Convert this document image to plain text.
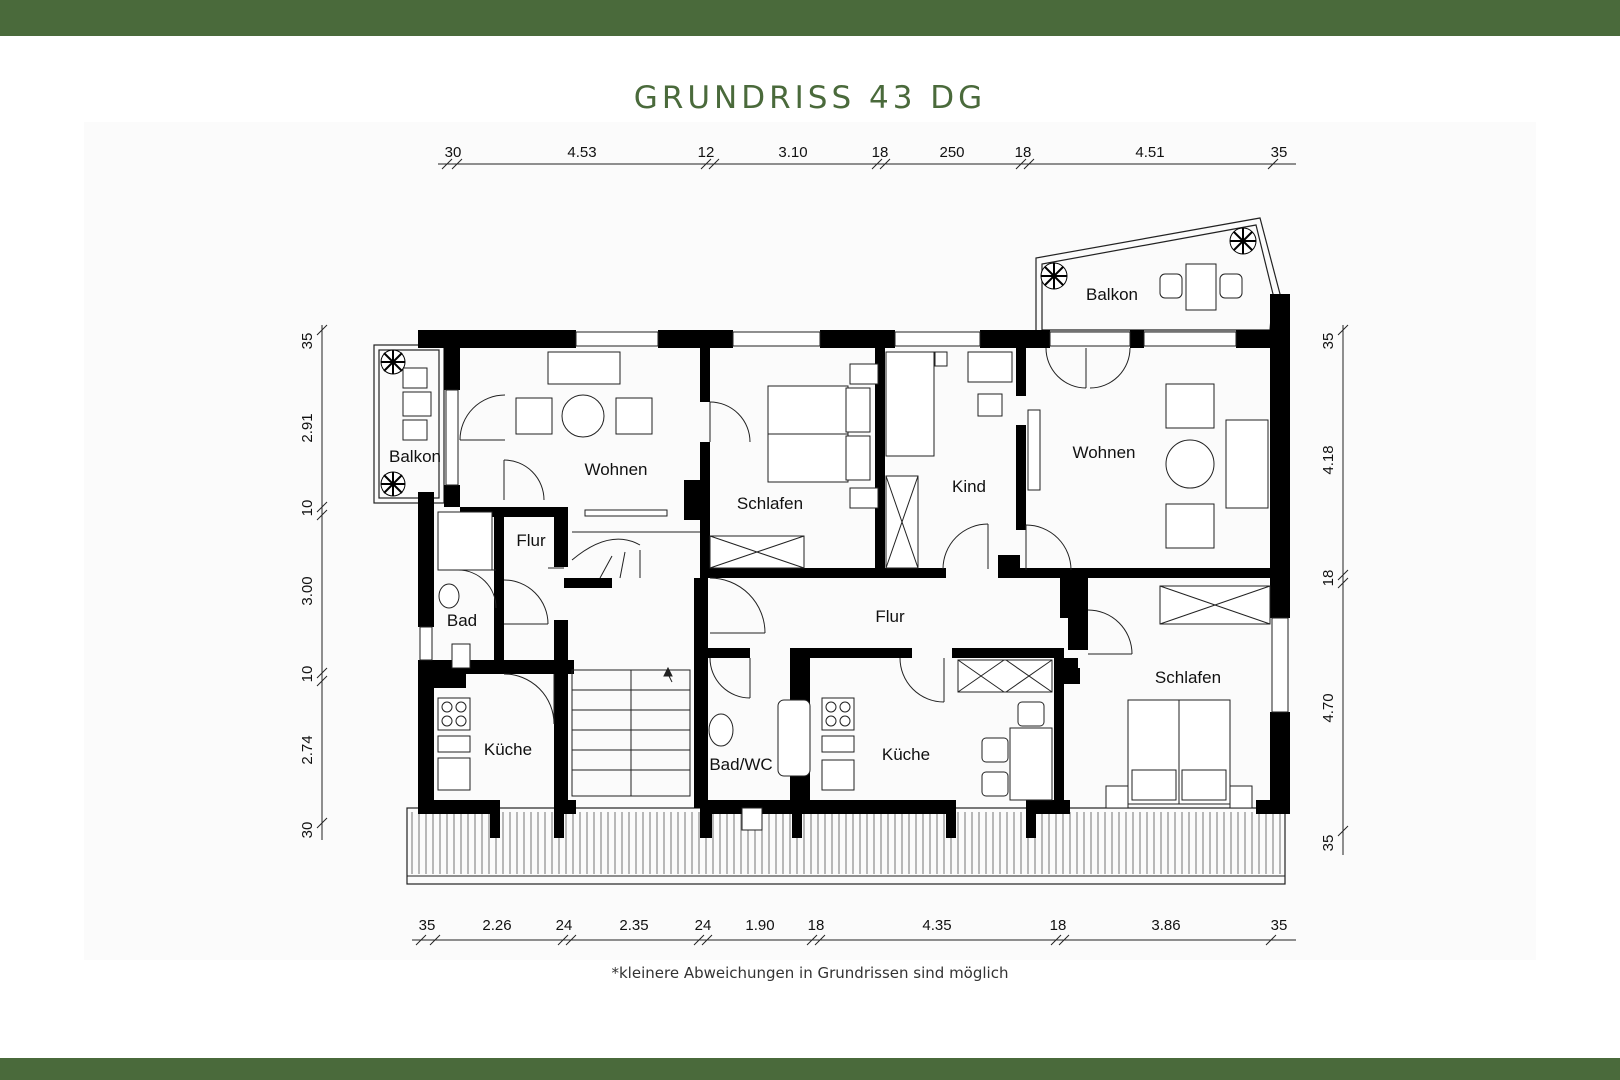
GRUNDRISS 43 DG
30	4.53	12	3.10	18	250	18	4.51	35
35	2.26	24	2.35	24 1.90 18	4.35	18	3.86	35
35
2.91
10
3.00
10
2.74
30
35
4.18
18
4.70
35
Balkon
Wohnen
Schlafen
Kind
Wohnen
Balkon
Flur
Bad	Flur
Küche
Bad/WC
Küche
Schlafen
*kleinere Abweichungen in Grundrissen sind möglich
